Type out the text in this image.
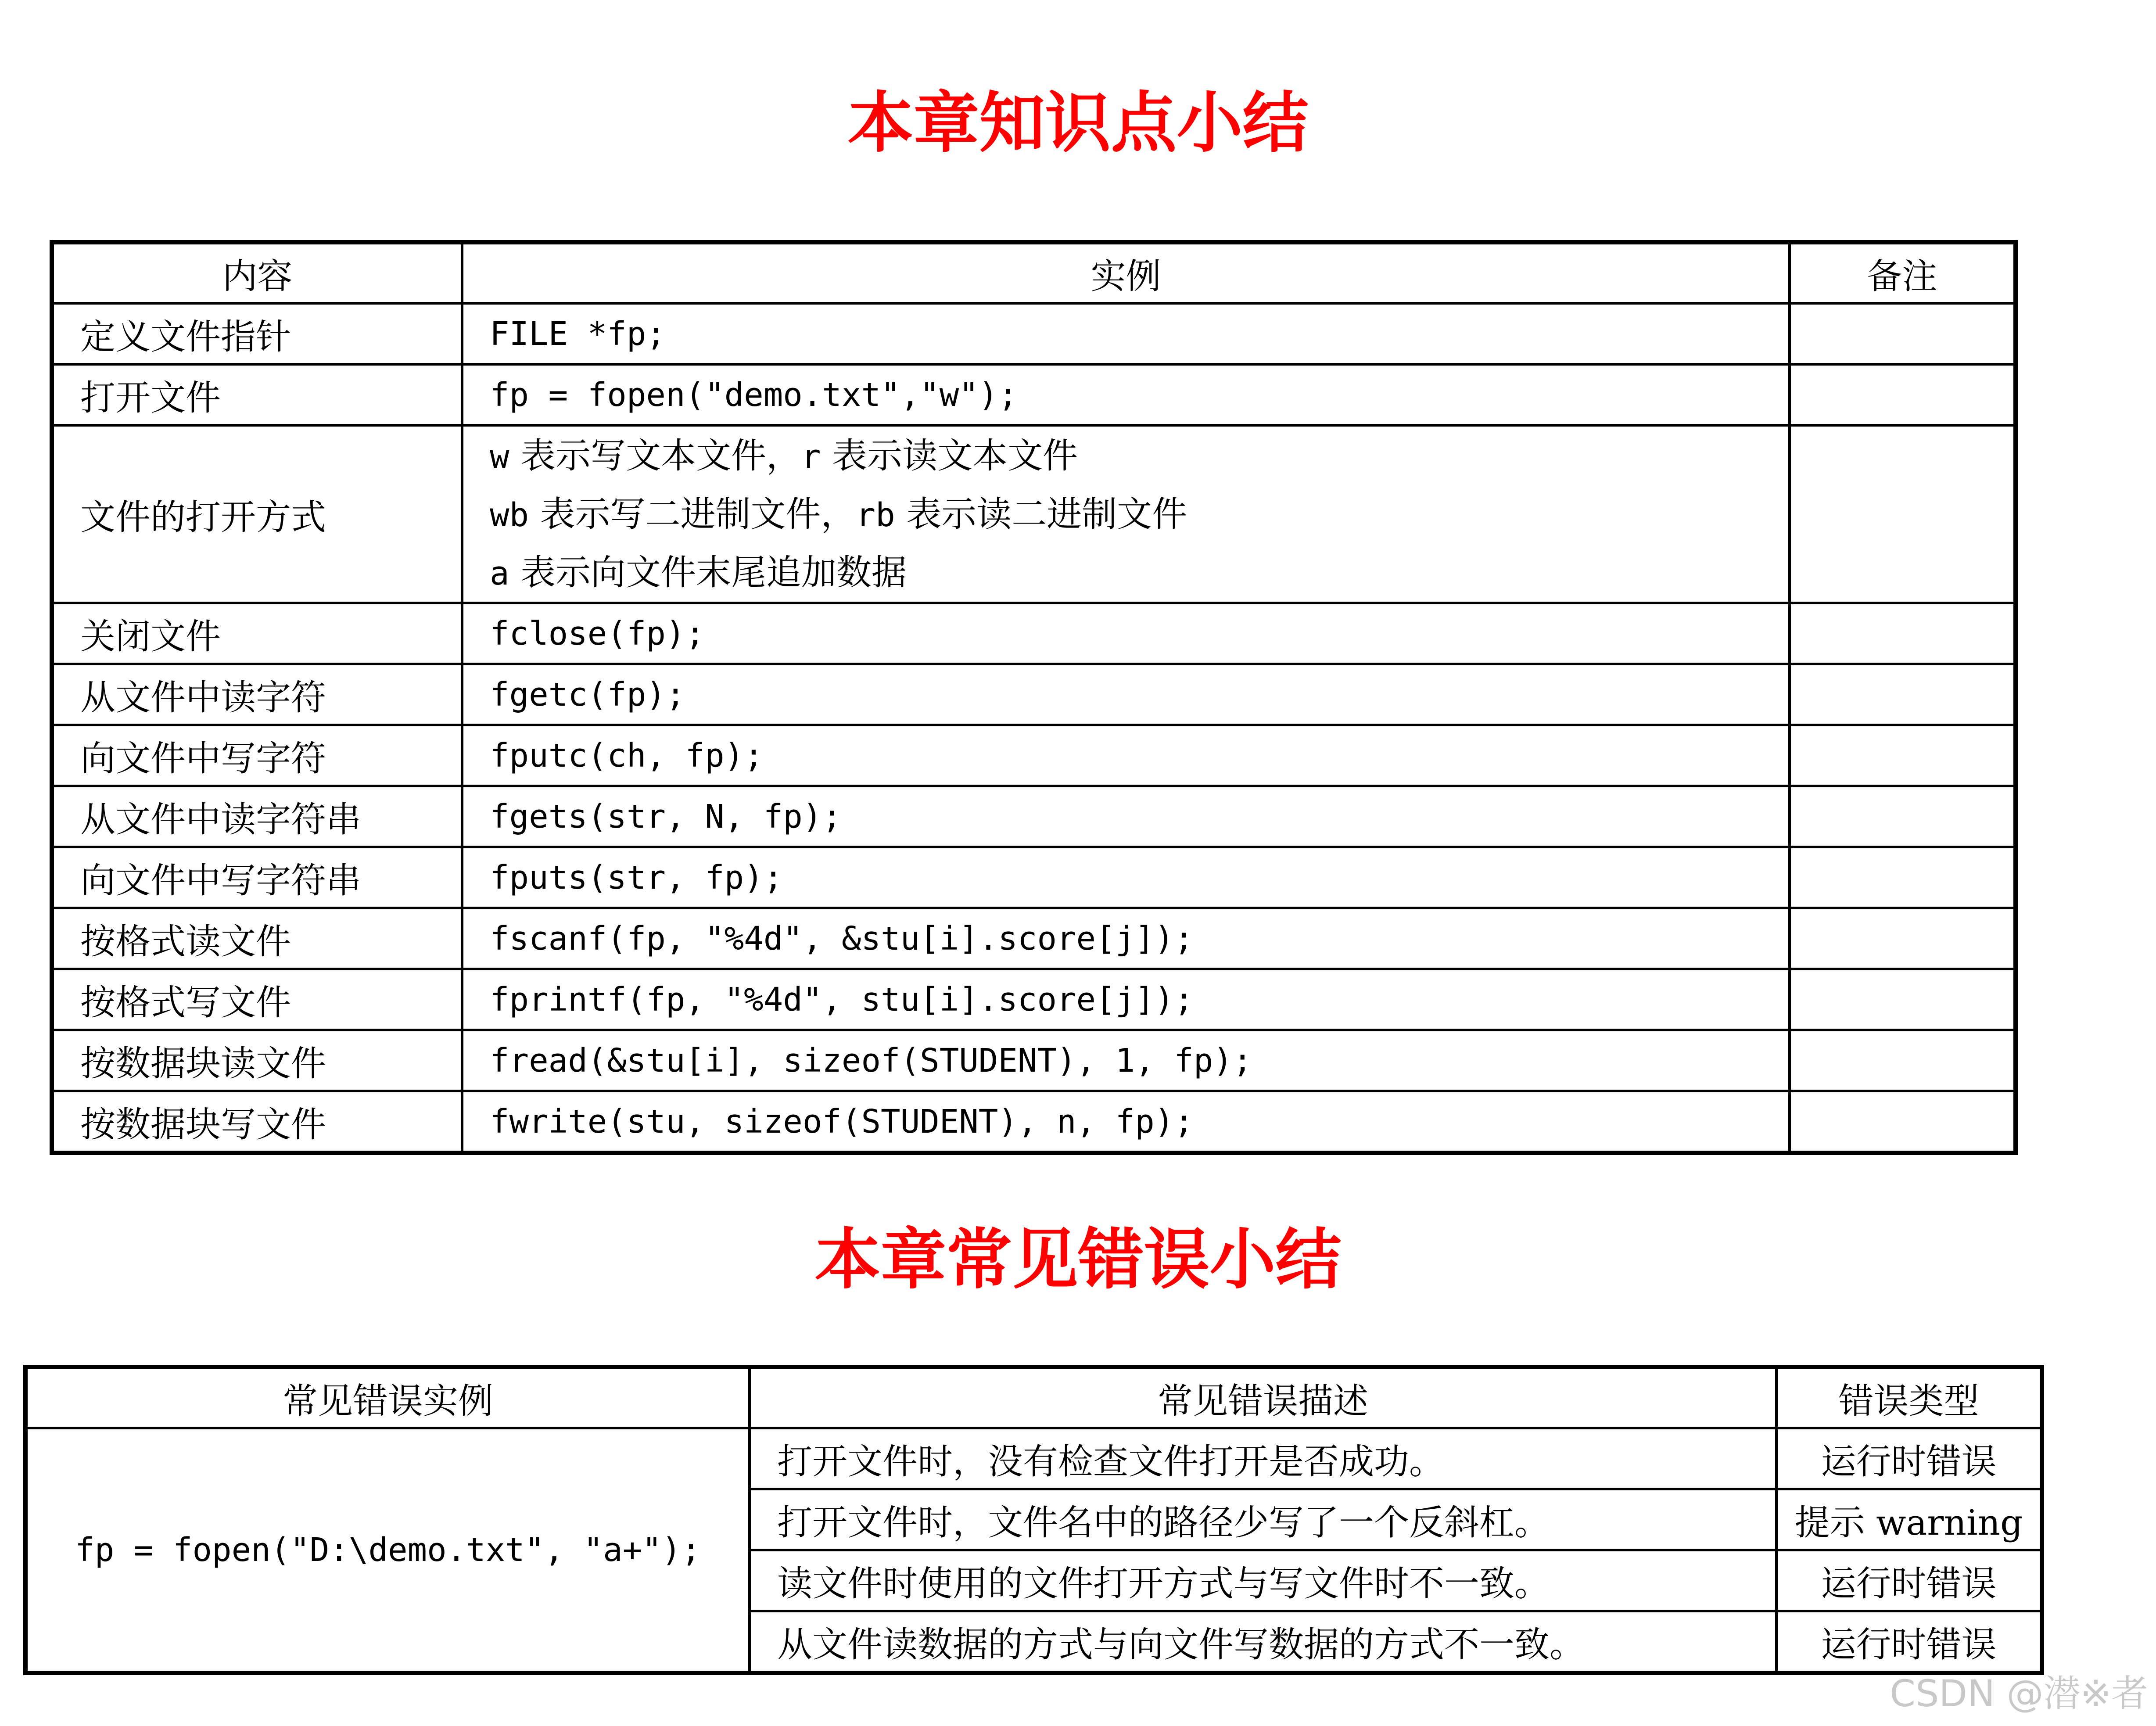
本章知识点小结
内容	实例	备注
定义文件指针	FILE *fp;	
打开文件	fp = fopen("demo.txt","w");	
文件的打开方式	w 表示写文本文件，r 表示读文本文件
wb 表示写二进制文件，rb 表示读二进制文件
a 表示向文件末尾追加数据	

关闭文件	fclose(fp);	
从文件中读字符	fgetc(fp);	
向文件中写字符	fputc(ch, fp);	
从文件中读字符串	fgets(str, N, fp);	
向文件中写字符串	fputs(str, fp);	
按格式读文件	fscanf(fp, "%4d", &stu[i].score[j]);	
按格式写文件	fprintf(fp, "%4d", stu[i].score[j]);	
按数据块读文件	fread(&stu[i], sizeof(STUDENT), 1, fp);	
按数据块写文件	fwrite(stu, sizeof(STUDENT), n, fp);	
本章常见错误小结
常见错误实例	常见错误描述	错误类型
fp = fopen("D:\demo.txt", "a+");	打开文件时，没有检查文件打开是否成功。	运行时错误
	打开文件时，文件名中的路径少写了一个反斜杠。	提示 warning
	读文件时使用的文件打开方式与写文件时不一致。	运行时错误
	从文件读数据的方式与向文件写数据的方式不一致。	运行时错误
CSDN @潜※者
